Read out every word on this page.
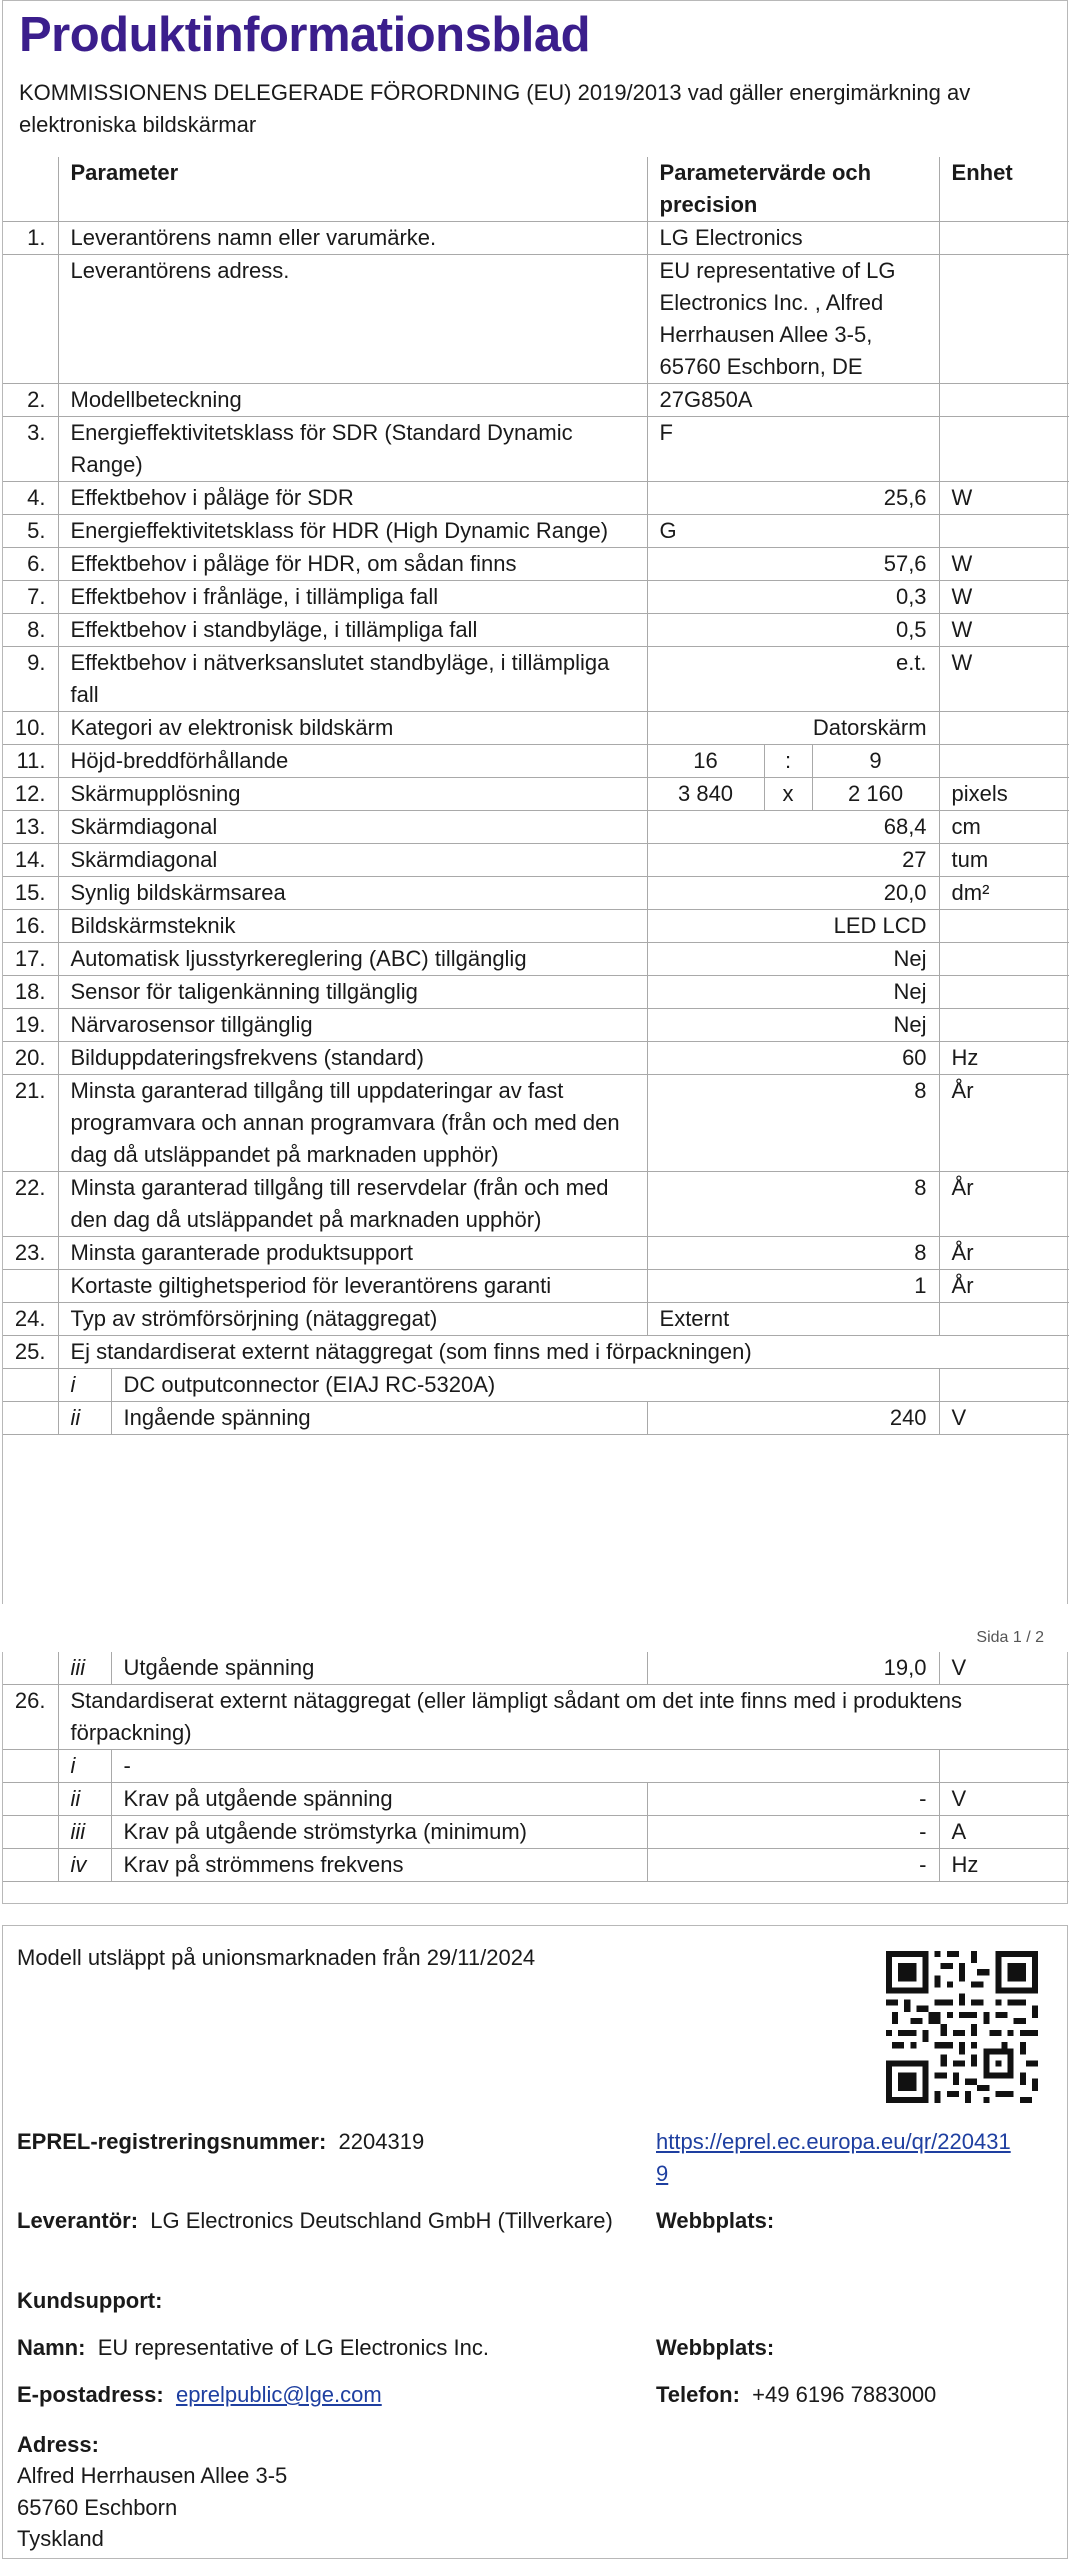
Produktinformationsblad
KOMMISSIONENS DELEGERADE FÖRORDNING (EU) 2019/2013 vad gäller energimärkning av elektroniska bildskärmar
	Parameter		Parametervärde och precision			Enhet
1.	Leverantörens namn eller varumärke.		LG Electronics			
	Leverantörens adress.		EU representative of LG Electronics Inc. , Alfred Herrhausen Allee 3-5, 65760 Eschborn, DE			
2.	Modellbeteckning		27G850A			
3.	Energieffektivitetsklass för SDR (Standard Dynamic Range)		F			
4.	Effektbehov i påläge för SDR		25,6			W
5.	Energieffektivitetsklass för HDR (High Dynamic Range)		G			
6.	Effektbehov i påläge för HDR, om sådan finns		57,6			W
7.	Effektbehov i frånläge, i tillämpliga fall		0,3			W
8.	Effektbehov i standbyläge, i tillämpliga fall		0,5			W
9.	Effektbehov i nätverksanslutet standbyläge, i tillämpliga fall		e.t.			W
10.	Kategori av elektronisk bildskärm		Datorskärm			
11.	Höjd-breddförhållande		16	:	9	
12.	Skärmupplösning		3 840	x	2 160	pixels
13.	Skärmdiagonal		68,4			cm
14.	Skärmdiagonal		27			tum
15.	Synlig bildskärmsarea		20,0			dm²
16.	Bildskärmsteknik		LED LCD			
17.	Automatisk ljusstyrkereglering (ABC) tillgänglig		Nej			
18.	Sensor för taligenkänning tillgänglig		Nej			
19.	Närvarosensor tillgänglig		Nej			
20.	Bilduppdateringsfrekvens (standard)		60			Hz
21.	Minsta garanterad tillgång till uppdateringar av fast programvara och annan programvara (från och med den dag då utsläppandet på marknaden upphör)		8			År
22.	Minsta garanterad tillgång till reservdelar (från och med den dag då utsläppandet på marknaden upphör)		8			År
23.	Minsta garanterade produktsupport		8			År
	Kortaste giltighetsperiod för leverantörens garanti		1			År
24.	Typ av strömförsörjning (nätaggregat)		Externt			
25.	Ej standardiserat externt nätaggregat (som finns med i förpackningen)					
	i	DC outputconnector (EIAJ RC-5320A)				
	ii	Ingående spänning	240			V
Sida 1 / 2
	iii	Utgående spänning	19,0	V
26.	Standardiserat externt nätaggregat (eller lämpligt sådant om det inte finns med i produktens förpackning)			
	i	-		
	ii	Krav på utgående spänning	-	V
	iii	Krav på utgående strömstyrka (minimum)	-	A
	iv	Krav på strömmens frekvens	-	Hz
Modell utsläppt på unionsmarknaden från 29/11/2024
EPREL-registreringsnummer: 2204319	https://eprel.ec.europa.eu/qr/2204319
Leverantör: LG Electronics Deutschland GmbH (Tillverkare)	Webbplats:
Kundsupport:
Namn: EU representative of LG Electronics Inc.	Webbplats:
E-postadress: eprelpublic@lge.com	Telefon: +49 6196 7883000
Adress:
Alfred Herrhausen Allee 3-5
65760 Eschborn
Tyskland
